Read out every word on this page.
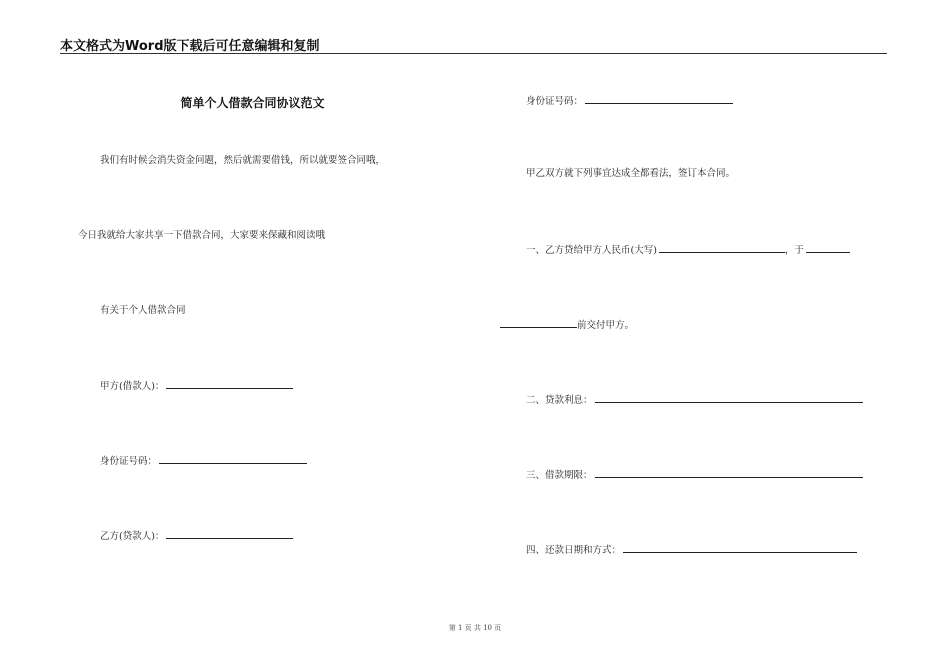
本文格式为Word版下载后可任意编辑和复制
简单个人借款合同协议范文
我们有时候会消失资金问题，然后就需要借钱，所以就要签合同哦，
今日我就给大家共享一下借款合同，大家要来保藏和阅读哦
有关于个人借款合同
甲方(借款人)：
身份证号码：
乙方(贷款人)：
身份证号码：
甲乙双方就下列事宜达成全都看法，签订本合同。
一、乙方贷给甲方人民币(大写)	，于
前交付甲方。
二、贷款利息：
三、借款期限：
四、还款日期和方式：
第 1 页 共 10 页
